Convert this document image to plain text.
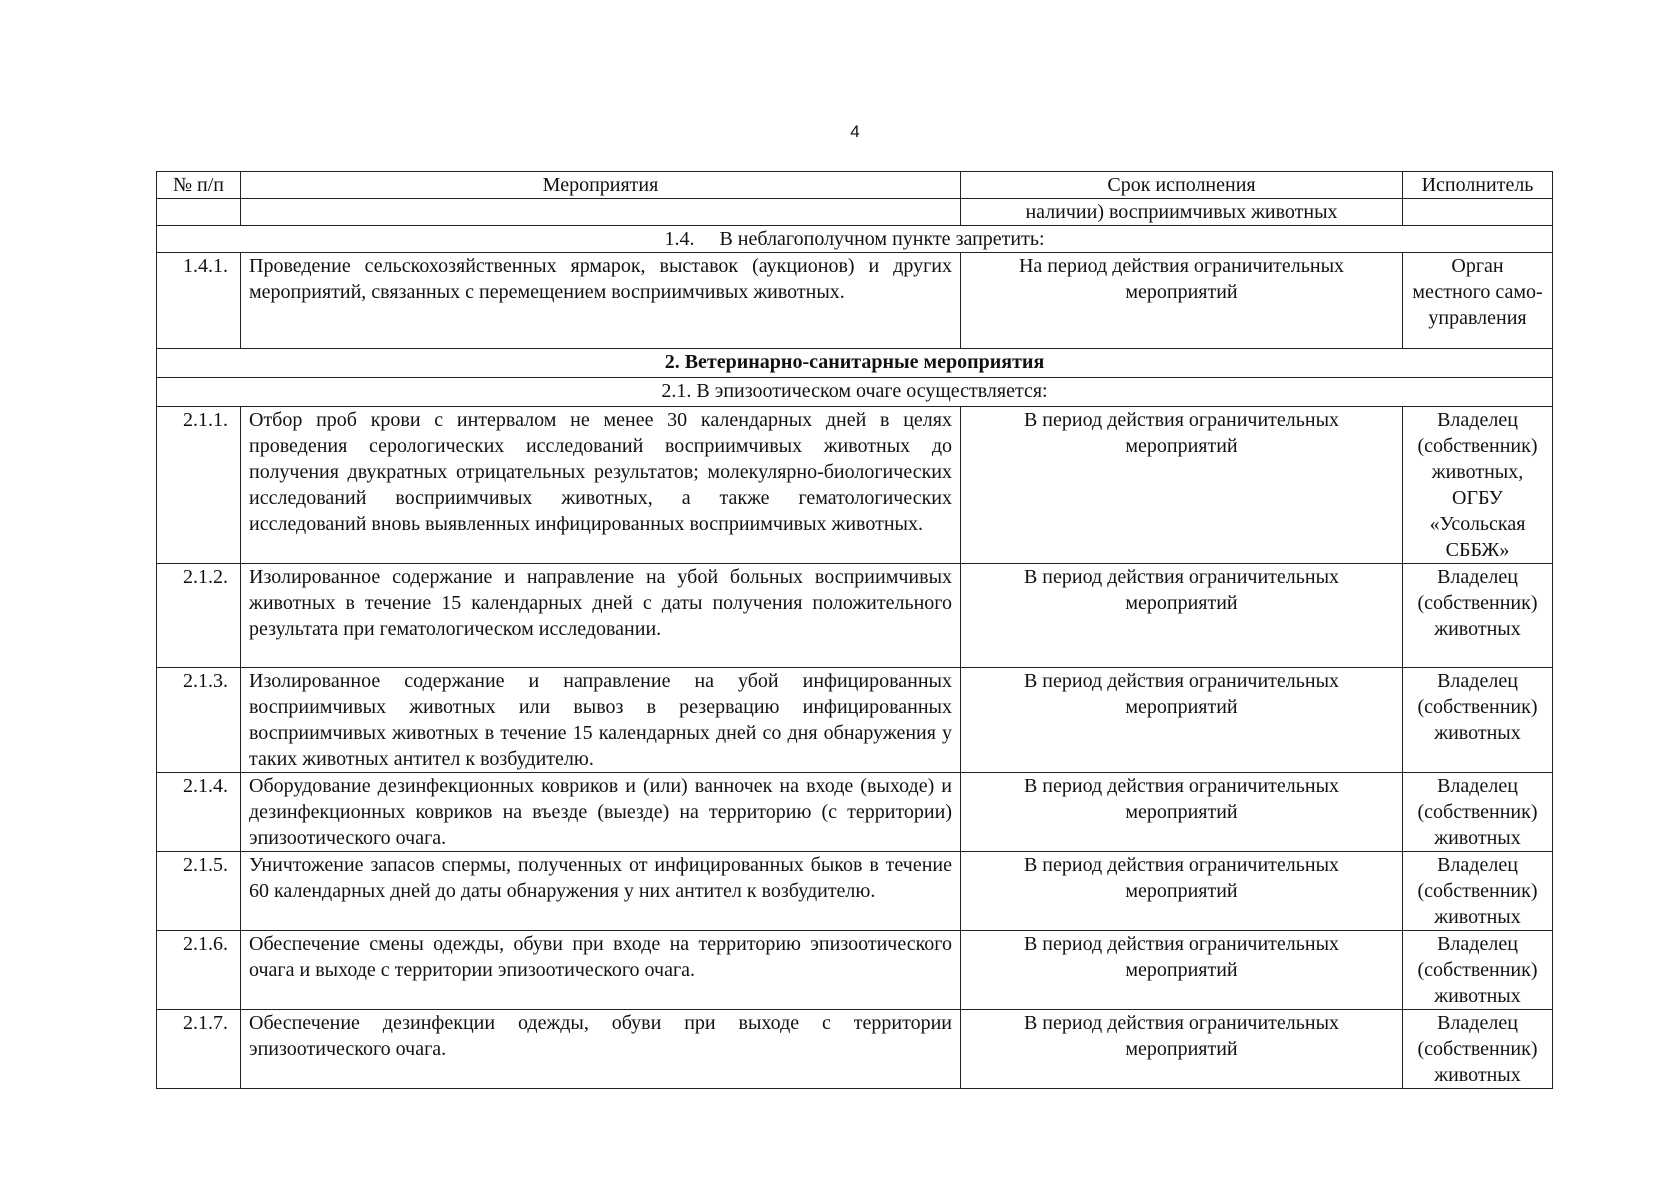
4
№ п/п	Мероприятия	Срок исполнения	Исполнитель
		наличии) восприимчивых животных	
1.4.     В неблагополучном пункте запретить:			
1.4.1.	Проведение сельскохозяйственных ярмарок, выставок (аукционов) и других мероприятий, связанных с перемещением восприимчивых животных.	На период действия ограничительных мероприятий	Орган местного само-управления
2. Ветеринарно-санитарные мероприятия			
2.1. В эпизоотическом очаге осуществляется:			
2.1.1.	Отбор проб крови с интервалом не менее 30 календарных дней в целях проведения серологических исследований восприимчивых животных до получения двукратных отрицательных результатов; молекулярно-биологических исследований восприимчивых животных, а также гематологических исследований вновь выявленных инфицированных восприимчивых животных.	В период действия ограничительных мероприятий	Владелец (собственник) животных, ОГБУ «Усольская СББЖ»
2.1.2.	Изолированное содержание и направление на убой больных восприимчивых животных в течение 15 календарных дней с даты получения положительного результата при гематологическом исследовании.	В период действия ограничительных мероприятий	Владелец (собственник) животных
2.1.3.	Изолированное содержание и направление на убой инфицированных восприимчивых животных или вывоз в резервацию инфицированных восприимчивых животных в течение 15 календарных дней со дня обнаружения у таких животных антител к возбудителю.	В период действия ограничительных мероприятий	Владелец (собственник) животных
2.1.4.	Оборудование дезинфекционных ковриков и (или) ванночек на входе (выходе) и дезинфекционных ковриков на въезде (выезде) на территорию (с территории) эпизоотического очага.	В период действия ограничительных мероприятий	Владелец (собственник) животных
2.1.5.	Уничтожение запасов спермы, полученных от инфицированных быков в течение 60 календарных дней до даты обнаружения у них антител к возбудителю.	В период действия ограничительных мероприятий	Владелец (собственник) животных
2.1.6.	Обеспечение смены одежды, обуви при входе на территорию эпизоотического очага и выходе с территории эпизоотического очага.	В период действия ограничительных мероприятий	Владелец (собственник) животных
2.1.7.	Обеспечение дезинфекции одежды, обуви при выходе с территории эпизоотического очага.	В период действия ограничительных мероприятий	Владелец (собственник) животных
